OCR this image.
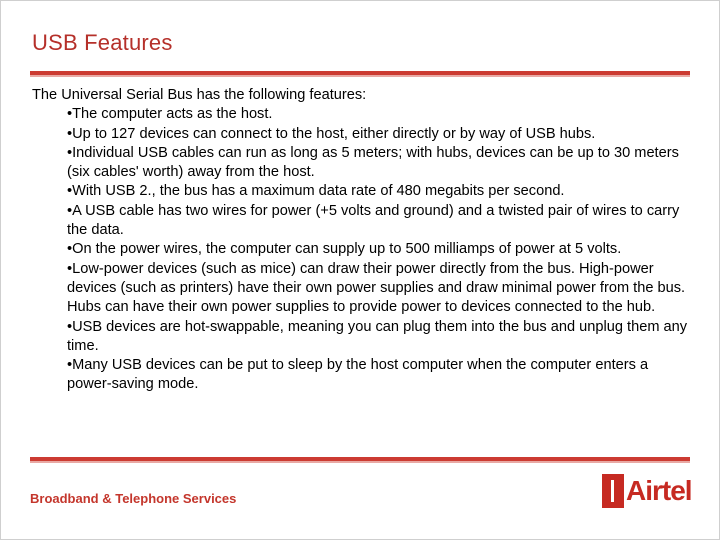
USB Features

The Universal Serial Bus has the following features:

•The computer acts as the host.
•Up to 127 devices can connect to the host, either directly or by way of USB hubs.
•Individual USB cables can run as long as 5 meters; with hubs, devices can be up to 30 meters (six cables' worth) away from the host.
•With USB 2., the bus has a maximum data rate of 480 megabits per second.
•A USB cable has two wires for power (+5 volts and ground) and a twisted pair of wires to carry the data.
•On the power wires, the computer can supply up to 500 milliamps of power at 5 volts.
•Low-power devices (such as mice) can draw their power directly from the bus. High-power devices (such as printers) have their own power supplies and draw minimal power from the bus. Hubs can have their own power supplies to provide power to devices connected to the hub.
•USB devices are hot-swappable, meaning you can plug them into the bus and unplug them any time.
•Many USB devices can be put to sleep by the host computer when the computer enters a power-saving mode.
Broadband & Telephone Services	Airtel
